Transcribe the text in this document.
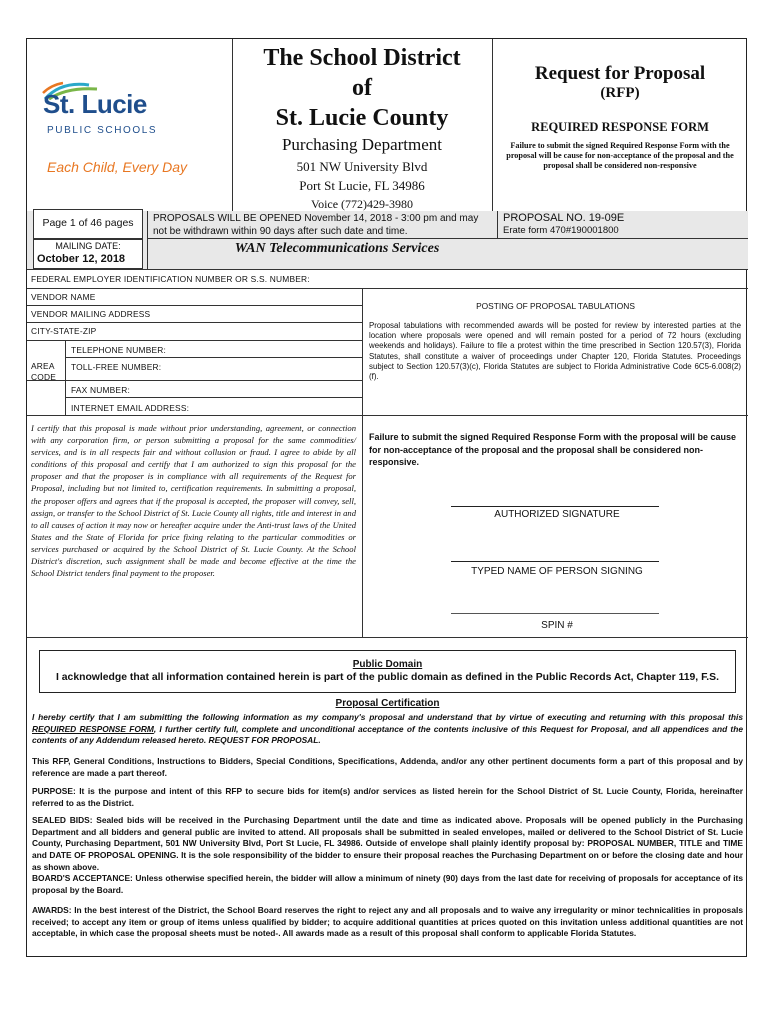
St. Lucie
PUBLIC SCHOOLS
Each Child, Every Day
The School District
of
St. Lucie County
Purchasing Department
501 NW University Blvd
Port St Lucie, FL 34986
Voice (772)429-3980
Request for Proposal
(RFP)
REQUIRED RESPONSE FORM
Failure to submit the signed Required Response Form with the proposal will be cause for non-acceptance of the proposal and the proposal shall be considered non-responsive
Page 1 of 46 pages	PROPOSALS WILL BE OPENED November 14, 2018 - 3:00 pm and may not be withdrawn within 90 days after such date and time.
PROPOSAL NO. 19-09E
Erate form 470#190001800
MAILING DATE:
October 12, 2018
WAN Telecommunications Services
FEDERAL EMPLOYER IDENTIFICATION NUMBER OR S.S. NUMBER:
VENDOR NAME
VENDOR MAILING ADDRESS
CITY-STATE-ZIP
AREA CODE
TELEPHONE NUMBER:
TOLL-FREE NUMBER:
FAX NUMBER:
INTERNET EMAIL ADDRESS:
POSTING OF PROPOSAL TABULATIONS
Proposal tabulations with recommended awards will be posted for review by interested parties at the location where proposals were opened and will remain posted for a period of 72 hours (excluding weekends and holidays). Failure to file a protest within the time prescribed in Section 120.57(3), Florida Statutes, shall constitute a waiver of proceedings under Chapter 120, Florida Statutes. Proceedings subject to Section 120.57(3)(c), Florida Statutes are subject to Florida Administrative Code 6C5-6.008(2)(f).
I certify that this proposal is made without prior understanding, agreement, or connection with any corporation firm, or person submitting a proposal for the same commodities/ services, and is in all respects fair and without collusion or fraud. I agree to abide by all conditions of this proposal and certify that I am authorized to sign this proposal for the proposer and that the proposer is in compliance with all requirements of the Request for Proposal, including but not limited to, certification requirements. In submitting a proposal, the proposer offers and agrees that if the proposal is accepted, the proposer will convey, sell, assign, or transfer to the School District of St. Lucie County all rights, title and interest in and to all causes of action it may now or hereafter acquire under the Anti-trust laws of the United States and the State of Florida for price fixing relating to the particular commodities or services purchased or acquired by the School District of St. Lucie County. At the School District's discretion, such assignment shall be made and become effective at the time the School District tenders final payment to the proposer.
Failure to submit the signed Required Response Form with the proposal will be cause for non-acceptance of the proposal and the proposal shall be considered non-responsive.
AUTHORIZED SIGNATURE
TYPED NAME OF PERSON SIGNING
SPIN #
Public Domain
I acknowledge that all information contained herein is part of the public domain as defined in the Public Records Act, Chapter 119, F.S.
Proposal Certification
I hereby certify that I am submitting the following information as my company's proposal and understand that by virtue of executing and returning with this proposal this REQUIRED RESPONSE FORM, I further certify full, complete and unconditional acceptance of the contents inclusive of this Request for Proposal, and all appendices and the contents of any Addendum released hereto. REQUEST FOR PROPOSAL.
This RFP, General Conditions, Instructions to Bidders, Special Conditions, Specifications, Addenda, and/or any other pertinent documents form a part of this proposal and by reference are made a part thereof.
PURPOSE: It is the purpose and intent of this RFP to secure bids for item(s) and/or services as listed herein for the School District of St. Lucie County, Florida, hereinafter referred to as the District.
SEALED BIDS: Sealed bids will be received in the Purchasing Department until the date and time as indicated above. Proposals will be opened publicly in the Purchasing Department and all bidders and general public are invited to attend. All proposals shall be submitted in sealed envelopes, mailed or delivered to the School District of St. Lucie County, Purchasing Department, 501 NW University Blvd, Port St Lucie, FL 34986. Outside of envelope shall plainly identify proposal by: PROPOSAL NUMBER, TITLE and TIME and DATE OF PROPOSAL OPENING. It is the sole responsibility of the bidder to ensure their proposal reaches the Purchasing Department on or before the closing date and hour as shown above.
BOARD'S ACCEPTANCE: Unless otherwise specified herein, the bidder will allow a minimum of ninety (90) days from the last date for receiving of proposals for acceptance of its proposal by the Board.
AWARDS: In the best interest of the District, the School Board reserves the right to reject any and all proposals and to waive any irregularity or minor technicalities in proposals received; to accept any item or group of items unless qualified by bidder; to acquire additional quantities at prices quoted on this invitation unless additional quantities are not acceptable, in which case the proposal sheets must be noted-. All awards made as a result of this proposal shall conform to applicable Florida Statutes.
